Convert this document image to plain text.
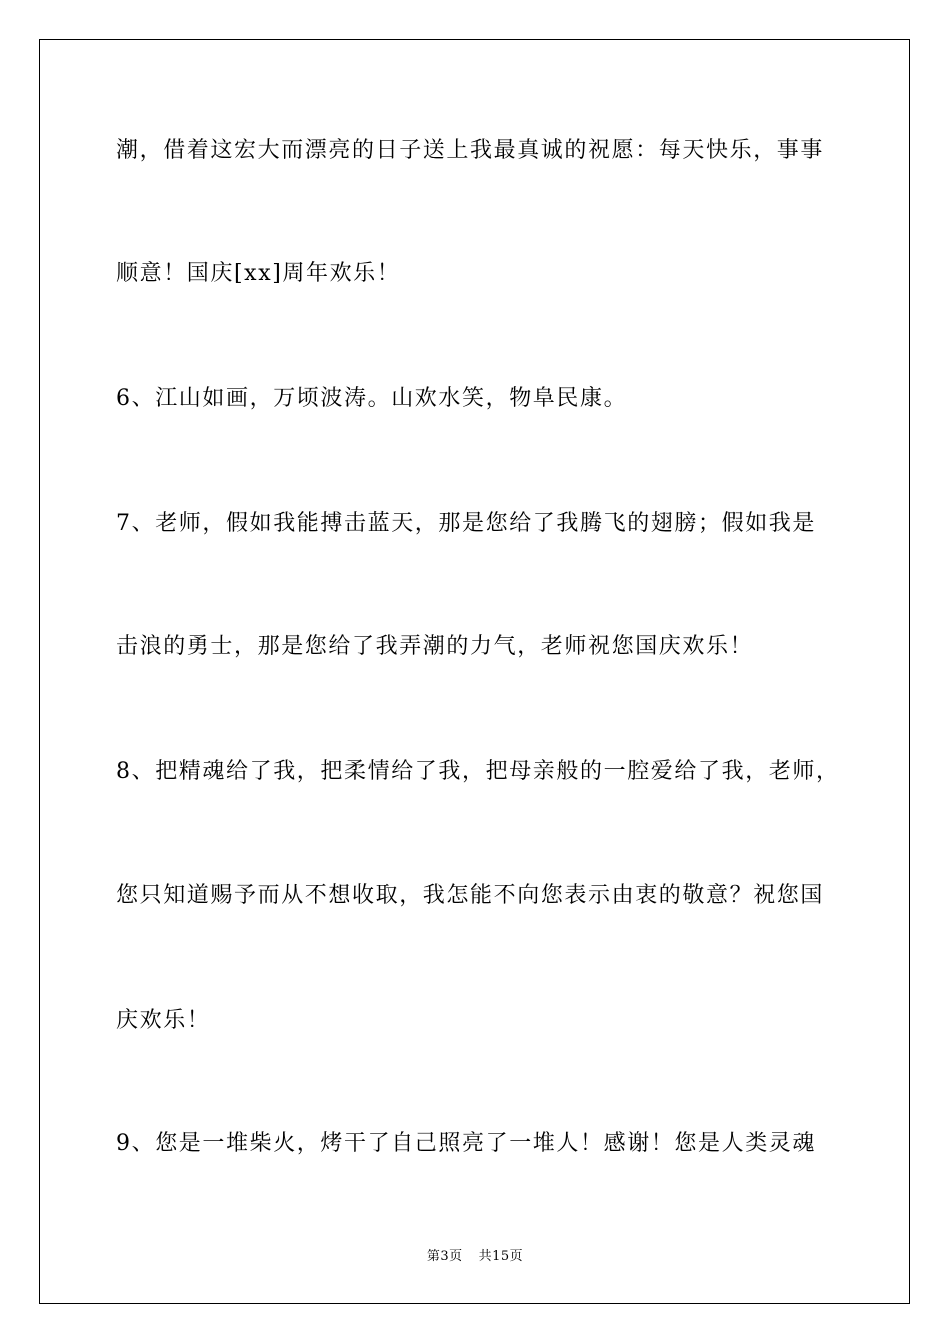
潮，借着这宏大而漂亮的日子送上我最真诚的祝愿：每天快乐，事事
顺意！国庆[xx]周年欢乐！
6、江山如画，万顷波涛。山欢水笑，物阜民康。
7、老师，假如我能搏击蓝天，那是您给了我腾飞的翅膀；假如我是
击浪的勇士，那是您给了我弄潮的力气，老师祝您国庆欢乐！
8、把精魂给了我，把柔情给了我，把母亲般的一腔爱给了我，老师，
您只知道赐予而从不想收取，我怎能不向您表示由衷的敬意？祝您国
庆欢乐！
9、您是一堆柴火，烤干了自己照亮了一堆人！感谢！您是人类灵魂
第3页 共15页
